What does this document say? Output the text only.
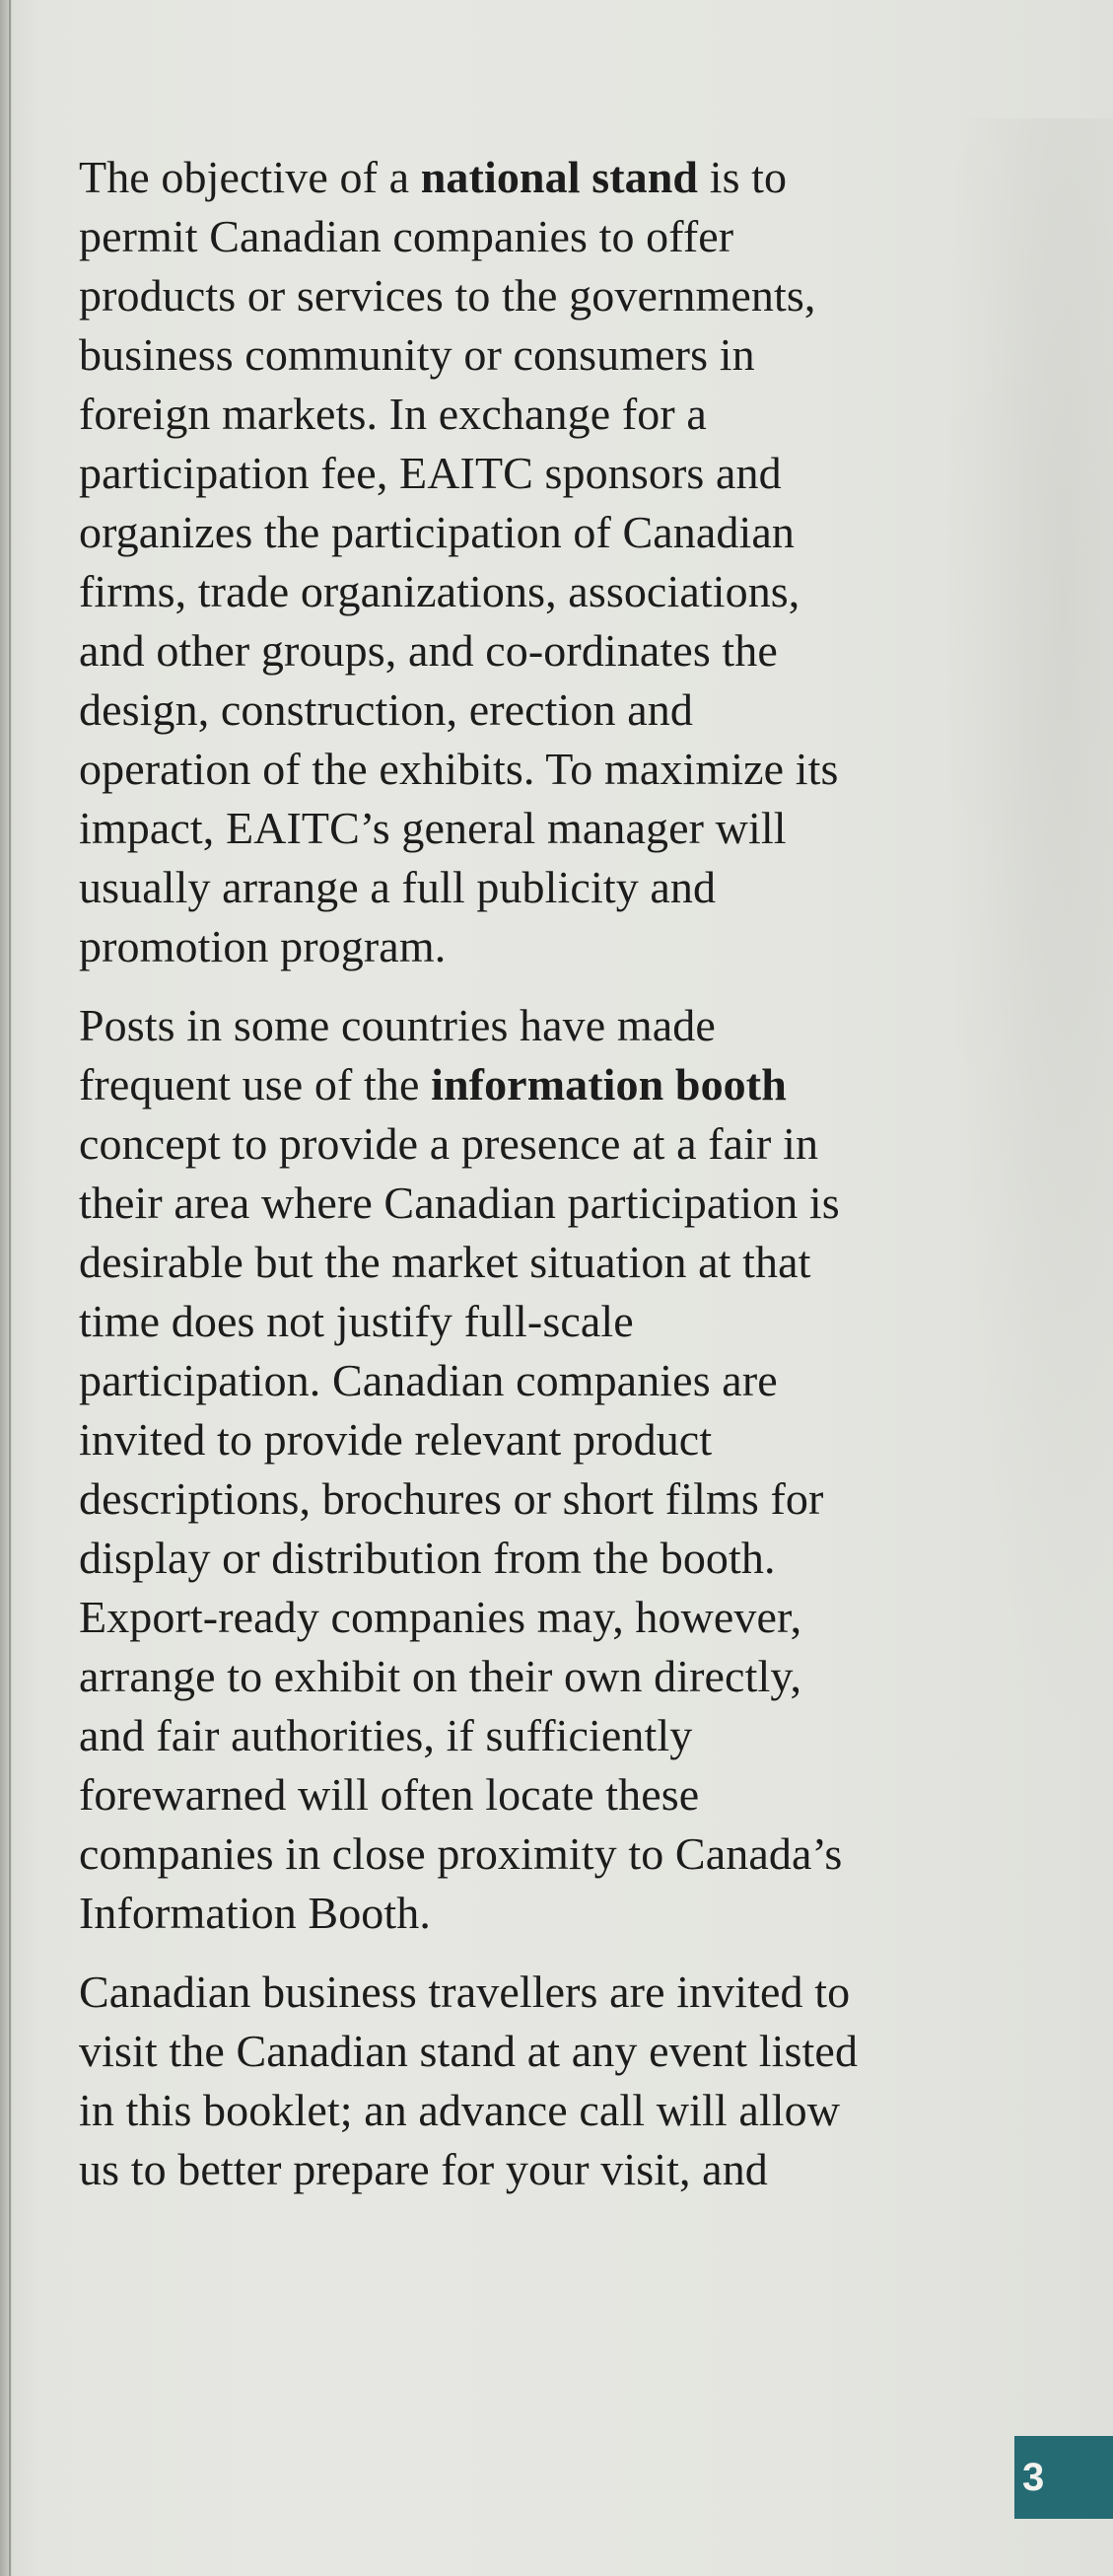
The objective of a national stand is to
permit Canadian companies to offer
products or services to the governments,
business community or consumers in
foreign markets. In exchange for a
participation fee, EAITC sponsors and
organizes the participation of Canadian
firms, trade organizations, associations,
and other groups, and co-ordinates the
design, construction, erection and
operation of the exhibits. To maximize its
impact, EAITC’s general manager will
usually arrange a full publicity and
promotion program.

Posts in some countries have made
frequent use of the information booth
concept to provide a presence at a fair in
their area where Canadian participation is
desirable but the market situation at that
time does not justify full-scale
participation. Canadian companies are
invited to provide relevant product
descriptions, brochures or short films for
display or distribution from the booth.
Export-ready companies may, however,
arrange to exhibit on their own directly,
and fair authorities, if sufficiently
forewarned will often locate these
companies in close proximity to Canada’s
Information Booth.

Canadian business travellers are invited to
visit the Canadian stand at any event listed
in this booklet; an advance call will allow
us to better prepare for your visit, and

3
